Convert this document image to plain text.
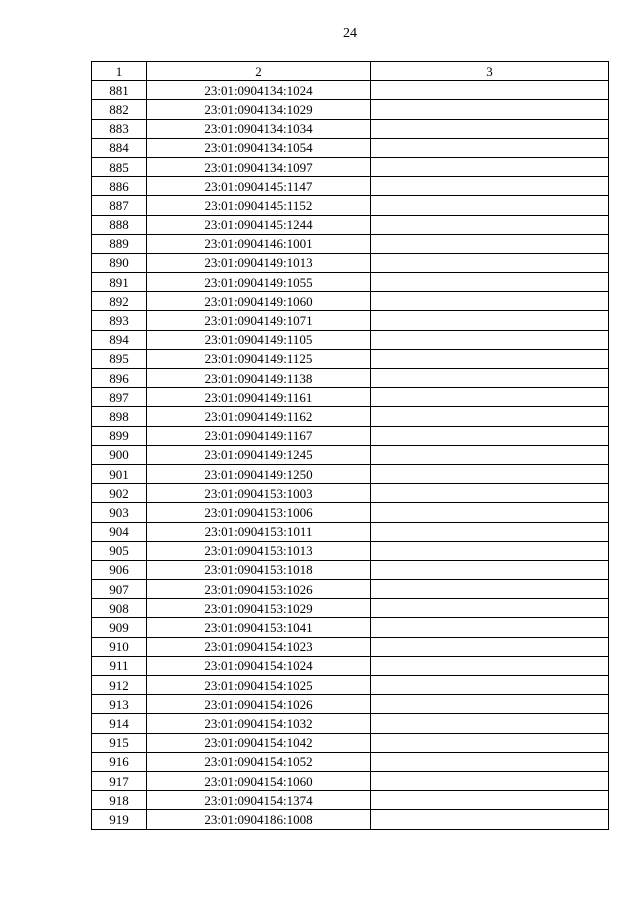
24
1	2	3
881	23:01:0904134:1024	
882	23:01:0904134:1029	
883	23:01:0904134:1034	
884	23:01:0904134:1054	
885	23:01:0904134:1097	
886	23:01:0904145:1147	
887	23:01:0904145:1152	
888	23:01:0904145:1244	
889	23:01:0904146:1001	
890	23:01:0904149:1013	
891	23:01:0904149:1055	
892	23:01:0904149:1060	
893	23:01:0904149:1071	
894	23:01:0904149:1105	
895	23:01:0904149:1125	
896	23:01:0904149:1138	
897	23:01:0904149:1161	
898	23:01:0904149:1162	
899	23:01:0904149:1167	
900	23:01:0904149:1245	
901	23:01:0904149:1250	
902	23:01:0904153:1003	
903	23:01:0904153:1006	
904	23:01:0904153:1011	
905	23:01:0904153:1013	
906	23:01:0904153:1018	
907	23:01:0904153:1026	
908	23:01:0904153:1029	
909	23:01:0904153:1041	
910	23:01:0904154:1023	
911	23:01:0904154:1024	
912	23:01:0904154:1025	
913	23:01:0904154:1026	
914	23:01:0904154:1032	
915	23:01:0904154:1042	
916	23:01:0904154:1052	
917	23:01:0904154:1060	
918	23:01:0904154:1374	
919	23:01:0904186:1008	
